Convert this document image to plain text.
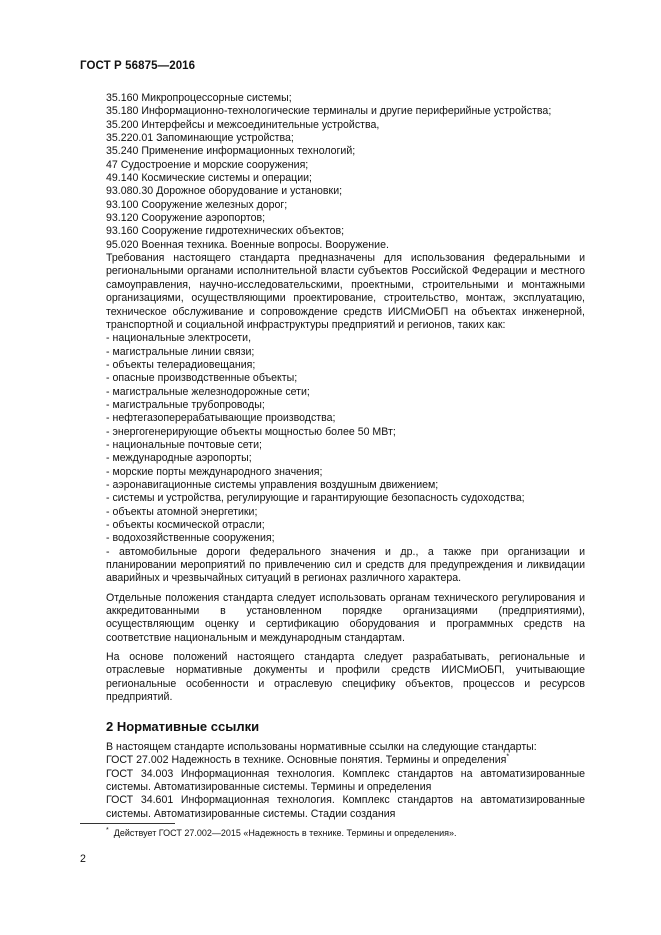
ГОСТ Р 56875—2016
35.160 Микропроцессорные системы;
35.180 Информационно-технологические терминалы и другие периферийные устройства;
35.200 Интерфейсы и межсоединительные устройства,
35.220.01 Запоминающие устройства;
35.240 Применение информационных технологий;
47 Судостроение и морские сооружения;
49.140 Космические системы и операции;
93.080.30 Дорожное оборудование и установки;
93.100 Сооружение железных дорог;
93.120 Сооружение аэропортов;
93.160 Сооружение гидротехнических объектов;
95.020 Военная техника. Военные вопросы. Вооружение.

Требования настоящего стандарта предназначены для использования федеральными и региональными органами исполнительной власти субъектов Российской Федерации и местного самоуправления, научно-исследовательскими, проектными, строительными и монтажными организациями, осуществляющими проектирование, строительство, монтаж, эксплуатацию, техническое обслуживание и сопровождение средств ИИСМиОБП на объектах инженерной, транспортной и социальной инфраструктуры предприятий и регионов, таких как:

- национальные электросети,
- магистральные линии связи;
- объекты телерадиовещания;
- опасные производственные объекты;
- магистральные железнодорожные сети;
- магистральные трубопроводы;
- нефтегазоперерабатывающие производства;
- энергогенерирующие объекты мощностью более 50 МВт;
- национальные почтовые сети;
- международные аэропорты;
- морские порты международного значения;
- аэронавигационные системы управления воздушным движением;
- системы и устройства, регулирующие и гарантирующие безопасность судоходства;
- объекты атомной энергетики;
- объекты космической отрасли;
- водохозяйственные сооружения;

- автомобильные дороги федерального значения и др., а также при организации и планировании мероприятий по привлечению сил и средств для предупреждения и ликвидации аварийных и чрезвычайных ситуаций в регионах различного характера.

Отдельные положения стандарта следует использовать органам технического регулирования и аккредитованными в установленном порядке организациями (предприятиями), осуществляющим оценку и сертификацию оборудования и программных средств на соответствие национальным и международным стандартам.

На основе положений настоящего стандарта следует разрабатывать, региональные и отраслевые нормативные документы и профили средств ИИСМиОБП, учитывающие региональные особенности и отраслевую специфику объектов, процессов и ресурсов предприятий.

2 Нормативные ссылки

В настоящем стандарте использованы нормативные ссылки на следующие стандарты:

ГОСТ 27.002 Надежность в технике. Основные понятия. Термины и определения*

ГОСТ 34.003 Информационная технология. Комплекс стандартов на автоматизированные системы. Автоматизированные системы. Термины и определения

ГОСТ 34.601 Информационная технология. Комплекс стандартов на автоматизированные системы. Автоматизированные системы. Стадии создания

* Действует ГОСТ 27.002—2015 «Надежность в технике. Термины и определения».
2
